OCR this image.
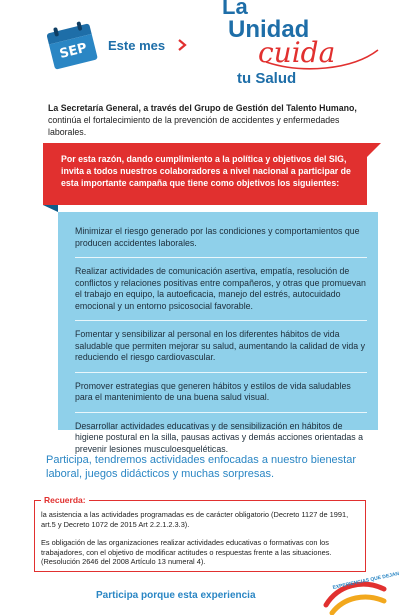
SEP	Este mes
La
Unidad
cuida
tu Salud
La Secretaría General, a través del Grupo de Gestión del Talento Humano, continúa el fortalecimiento de la prevención de accidentes y enfermedades laborales.
Por esta razón, dando cumplimiento a la política y objetivos del SIG, invita a todos nuestros colaboradores a nivel nacional a participar de esta importante campaña que tiene como objetivos los siguientes:

Minimizar el riesgo generado por las condiciones y comportamientos que producen accidentes laborales.

Realizar actividades de comunicación asertiva, empatía, resolución de conflictos y relaciones positivas entre compañeros, y otras que promuevan el trabajo en equipo, la autoeficacia, manejo del estrés, autocuidado emocional y un entorno psicosocial favorable.

Fomentar y sensibilizar al personal en los diferentes hábitos de vida saludable que permiten mejorar su salud, aumentando la calidad de vida y reduciendo el riesgo cardiovascular.

Promover estrategias que generen hábitos y estilos de vida saludables para el mantenimiento de una buena salud visual.

Desarrollar actividades educativas y de sensibilización en hábitos de higiene postural en la silla, pausas activas y demás acciones orientadas a prevenir lesiones musculoesqueléticas.

Participa, tendremos actividades enfocadas a nuestro bienestar laboral, juegos didácticos y muchas sorpresas.
Recuerda:

la asistencia a las actividades programadas es de carácter obligatorio (Decreto 1127 de 1991, art.5 y Decreto 1072 de 2015 Art 2.2.1.2.3.3).

Es obligación de las organizaciones realizar actividades educativas o formativas con los trabajadores, con el objetivo de modificar actitudes o respuestas frente a las situaciones. (Resolución 2646 del 2008 Artículo 13 numeral 4).

Participa porque esta experiencia
EXPERIENCIAS QUE DEJAN
